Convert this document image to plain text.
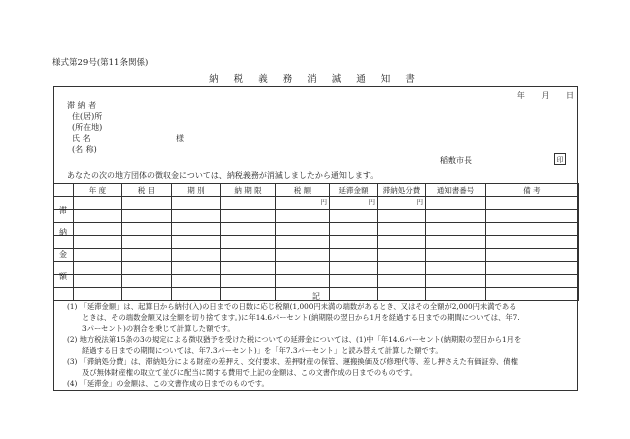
様式第29号(第11条関係)
納 税 義 務 消 滅 通 知 書
年 月 日
滞 納 者
住(居)所
(所在地)
氏 名	様
(名 称)
稲敷市長	印
あなたの次の地方団体の徴収金については、納税義務が消滅しましたから通知します。
	年 度	税 目	期 別	納 期 限	税 額	延滞金額	滞納処分費	通知書番号	備 考
					円	円	円		

滞
納
金
額
記
(1) 「延滞金額」は、起算日から納付(入)の日までの日数に応じ税額(1,000円未満の端数があるとき、又はその全額が2,000円未満である
ときは、その端数金額又は全額を切り捨てます。)に年14.6パーセント(納期限の翌日から1月を経過する日までの期間については、年7.
3パーセント)の割合を乗じて計算した額です。
(2) 地方税法第15条の3の規定による徴収猶予を受けた税についての延滞金については、(1)中「年14.6パーセント(納期限の翌日から1月を
経過する日までの期間については、年7.3パーセント)」を「年7.3パーセント」と読み替えて計算した額です。
(3) 「滞納処分費」は、滞納処分による財産の差押え、交付要求、差押財産の保管、運搬換価及び修理代等、差し押さえた有価証券、債権
及び無体財産権の取立て並びに配当に関する費用で上記の金額は、この文書作成の日までのものです。
(4) 「延滞金」の金額は、この文書作成の日までのものです。
